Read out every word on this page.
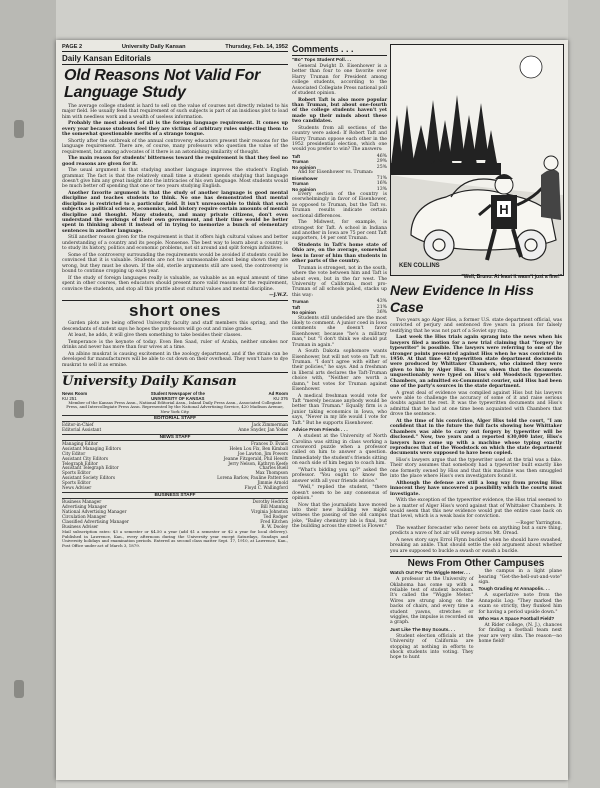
PAGE 2	University Daily Kansan	Thursday, Feb. 14, 1952
Daily Kansan Editorials
Old Reasons Not Valid For Language Study

The average college student is hard to sell on the value of courses not directly related to his major field. He usually feels that requirement of such subjects is part of an insidious plot to load him with needless work and a wealth of useless information.

Probably the most abused of all is the foreign language requirement. It comes up every year because students feel they are victims of arbitrary rules subjecting them to the somewhat questionable merits of a strange tongue.

Shortly after the outbreak of the annual controversy educators present their reasons for the language requirement. There are, of course, many professors who question the value of the requirement, but among advocates of it there is an astonishing similarity of thought.

The main reason for students' bitterness toward the requirement is that they feel no good reasons are given for it.

The usual argument is that studying another language improves the student's English grammar. The fact is that the relatively small time a student spends studying that language doesn't give him any great insight into the intricacies of his own language. Most students would be much better off spending that one or two years studying English.

Another favorite argument is that the study of another language is good mental discipline and teaches students to think. No one has demonstrated that mental discipline is restricted to a particular field. It isn't unreasonable to think that such subjects as political science, economics, and history require certain amounts of mental discipline and thought. Many students, and many private citizens, don't even understand the workings of their own government, and their time would be better spent in thinking about it instead of in trying to memorize a bunch of elementary sentences in another language.

Still another reason given for the requirement is that it offers high cultural values and better understanding of a country and its people. Nonsense. The best way to learn about a country is to study its history, politics and economic problems, not sit around and split foreign infinitives.

Some of the controversy surrounding the requirements would be avoided if students could be convinced that it is valuable. Students are not too unreasonable about being shown they are wrong, but they must be shown. If the old, sterile arguments still are used, the controversy is bound to continue cropping up each year.

If the study of foreign languages really is valuable, as valuable as an equal amount of time spent in other courses, then educators should present more valid reasons for the requirement, convince the students, and stop all this prattle about cultural values and mental discipline.

—J.W.Z.
short ones

Garden plots are being offered University faculty and staff members this spring, and the descendants of student says he hopes the professors will go out and raise grades.

At least, he adds, it will give them something to take besides their classes.

Temperance is the keynote of today. Even Ben Saad, ruler of Arabia, neither smokes nor drinks and never has more than four wives at a time.

An albino muskrat is causing excitement in the zoology department, and if the strain can be developed fur manufacturers will be able to cut down on their overhead. They won't have to dye muskrat to sell it as ermine.

University Daily Kansan
News Room
KU 251
Student Newspaper of the
UNIVERSITY OF KANSAS
Ad Room
KU 376
Member of the Kansas Press Assn., National Editorial Assn., Inland Daily Press Assn., Associated Collegiate Press, and Intercollegiate Press Assn. Represented by the National Advertising Service, 420 Madison Avenue, New York City.
EDITORIAL STAFF
Editor-in-Chief	Jack Zimmerman
Editorial Assistant	Anne Snyder, Jan Yoder
NEWS STAFF
Managing Editor	Frances D. Evans
Assistant Managing Editors	Helen Lou Fix, Ben Kimball
City Editor	Joe Lawton, Jim Powers
Assistant City Editors	Jeanne Fitzgerald, Phil Hewitt
Telegraph Editor	Jerry Nelson, Kathryn Keefe
Assistant Telegraph Editor	Charles Buell
Sports Editor	Max Thompson
Assistant Society Editors	Lorena Barlow, Pauline Patterson
Sports Editor	Jimmie Arnold
News Adviser	Floyd C. Wallingford
BUSINESS STAFF
Business Manager	Dorothy Hedrick
Advertising Manager	Bill Manning
National Advertising Manager	Virginia Johnston
Circulation Manager	Ted Rodger
Classified Advertising Manager	Fred Kitchen
Business Adviser	R. W. Dooley
Mail subscription rates: $3 a semester or $4.50 a year (add $1 a semester or $2 a year for local delivery). Published in Lawrence, Kan., every afternoon during the University year except Saturdays, Sundays and University holidays and examination periods. Entered as second class matter Sept. 17, 1910, at Lawrence, Kan., Post Office under act of March 3, 1879.
Comments . . .
"Bo" Tops Student Poll. . .

General Dwight D. Eisenhower is a better than four to one favorite over Harry Truman for President among college students, according to the Associated Collegiate Press national poll of student opinion.

Robert Taft is also more popular than Truman, but about one-fourth of the college students haven't yet made up their minds about these two candidates.

Students from all sections of the country were asked: If Robert Taft and Harry Truman oppose each other in the 1952 presidential election, which one would you prefer to win? The answers:

Taft	46%
Truman	29%
No opinion	25%
And for Eisenhower vs. Truman:
Eisenhower	71%
Truman	16%
No opinion	13%

Every section of the country is overwhelmingly in favor of Eisenhower, as opposed to Truman, but the Taft vs. Truman results indicate certain sectional differences.

The Midwest, for example, is strongest for Taft. A school in Indiana and another in Iowa are 75 per cent Taft supporters, 14 per cent Truman.

Students in Taft's home state of Ohio are, on the average, somewhat less in favor of him than students in other parts of the country.

Truman is strongest, not in the south, where the vote between him and Taft is about even, but in the far west. The University of California, most pro-Truman of all schools polled, stacks up this way:

Truman	43%
Taft	21%
No opinion	36%

Students still undecided are the most likely to comment. A junior coed in Iowa comments she doesn't favor Eisenhower, because "he's a military man," but "I don't think we should put Truman in again."

A South Dakota sophomore wants Eisenhower, but will not vote on Taft vs. Truman. "I don't agree with either of their policies," he says. And a freshman in liberal arts declares the Taft-Truman choice with, "Neither are worth a damn," but votes for Truman against Eisenhower.

A medical freshman would vote for Taft "merely because anybody would be better than Truman." Equally firm is a junior taking economics in Iowa, who says, "Never in my life would I vote for Taft." But he supports Eisenhower.

Advice From Friends . . .

A student at the University of North Carolina was sitting in class working a crossword puzzle when a professor called on him to answer a question. Immediately the student's friends sitting on each side of him began to coach him.

"What's bidding you up?" asked the professor. "You ought to know the answer with all your friends advice."

"Well," replied the student, "there doesn't seem to be any consensus of opinion."

Now that the journalists have moved into their new building we might witness the passing of the old campus joke, "Bailey chemistry lab is final, but the building across the street is Flower."

H
KEN COLLINS
"Well, Bruno. At least it wasn't just a fine!"
New Evidence In Hiss Case

Two years ago Alger Hiss, a former U.S. state department official, was convicted of perjury and sentenced five years in prison for falsely testifying that he was not part of a Soviet spy ring.

Last week the Hiss trials again sprang into the news when his lawyers filed a motion for a new trial claiming that "forgery by typewriter" is possible. The lawyers were referring to one of the stronger points presented against Hiss when he was convicted in 1950. At that time 42 typewritten state department documents were produced by Whittaker Chambers, who claimed they were given to him by Alger Hiss. It was shown that the documents unquestionably were typed on Hiss's old Woodstock typewriter. Chambers, an admitted ex-Communist courier, said Hiss had been one of the party's sources in the state department.

A great deal of evidence was compiled against Hiss but his lawyers were able to challenge the accuracy of some of it and raise serious doubts against the rest. It was the typewritten documents and Hiss's admittal that he had at one time been acquainted with Chambers that drove the sentence.

At the time of his conviction, Alger Hiss told the court, "I am confident that in the future the full facts showing how Whittaker Chambers was able to carry out forgery by typewriter will be disclosed." Now, two years and a reported $30,000 later, Hiss's lawyers have come up with a machine whose typing exactly reproduces that of the Woodstock on which the state department documents were supposed to have been copied.

Hiss's lawyers argue that the typewriter used at the trial was a fake. Their story assumes that somebody had a typewriter built exactly like one formerly owned by Hiss and that this machine was then smuggled into the place where Hiss's own investigators found it.

Although the defense are still a long way from proving Hiss innocent they have uncovered a possibility which the courts must investigate.

With the exception of the typewriter evidence, the Hiss trial seemed to be a matter of Alger Hiss's word against that of Whittaker Chambers. It would seem that this new evidence would put the entire case back on that level, which is a weak basis for conviction.

—Roger Yarrington.

The weather forecaster who never bets on anything but a sure thing, predicts a wave of hot air will sweep across Mt. Oread.

A news story says Errol Flynn buckled when he should have swashed, breaking an ankle. That should settle the old argument about whether you are supposed to buckle a swash or swash a buckle.

News From Other Campuses
Watch Out For The Wiggle Meter. . .
A professor at the University of Oklahoma has come up with a reliable test of student boredom. It's called the "Wiggle Meter." Wires are strung along on the backs of chairs, and every time a student yawns, stretches or wiggles, the impulse is recorded on a graph.
Just Like The Boy Scouts. . .
Student election officials at the University of California are stopping at nothing in efforts to shock students into voting. They hope to hunt
the campus in a light plane bearing "Get-the-hell-out-and-vote" sign.
Tough Grading At Annapolis. . .
A superlative note from the Annapolis Log: "They marked the exam so strictly, they flunked him for having a period upside down."
Who Has A Space Football Field?
At Rider college, (N. J.), chances for finding a football team next year are very slim. The reason—no home field!
